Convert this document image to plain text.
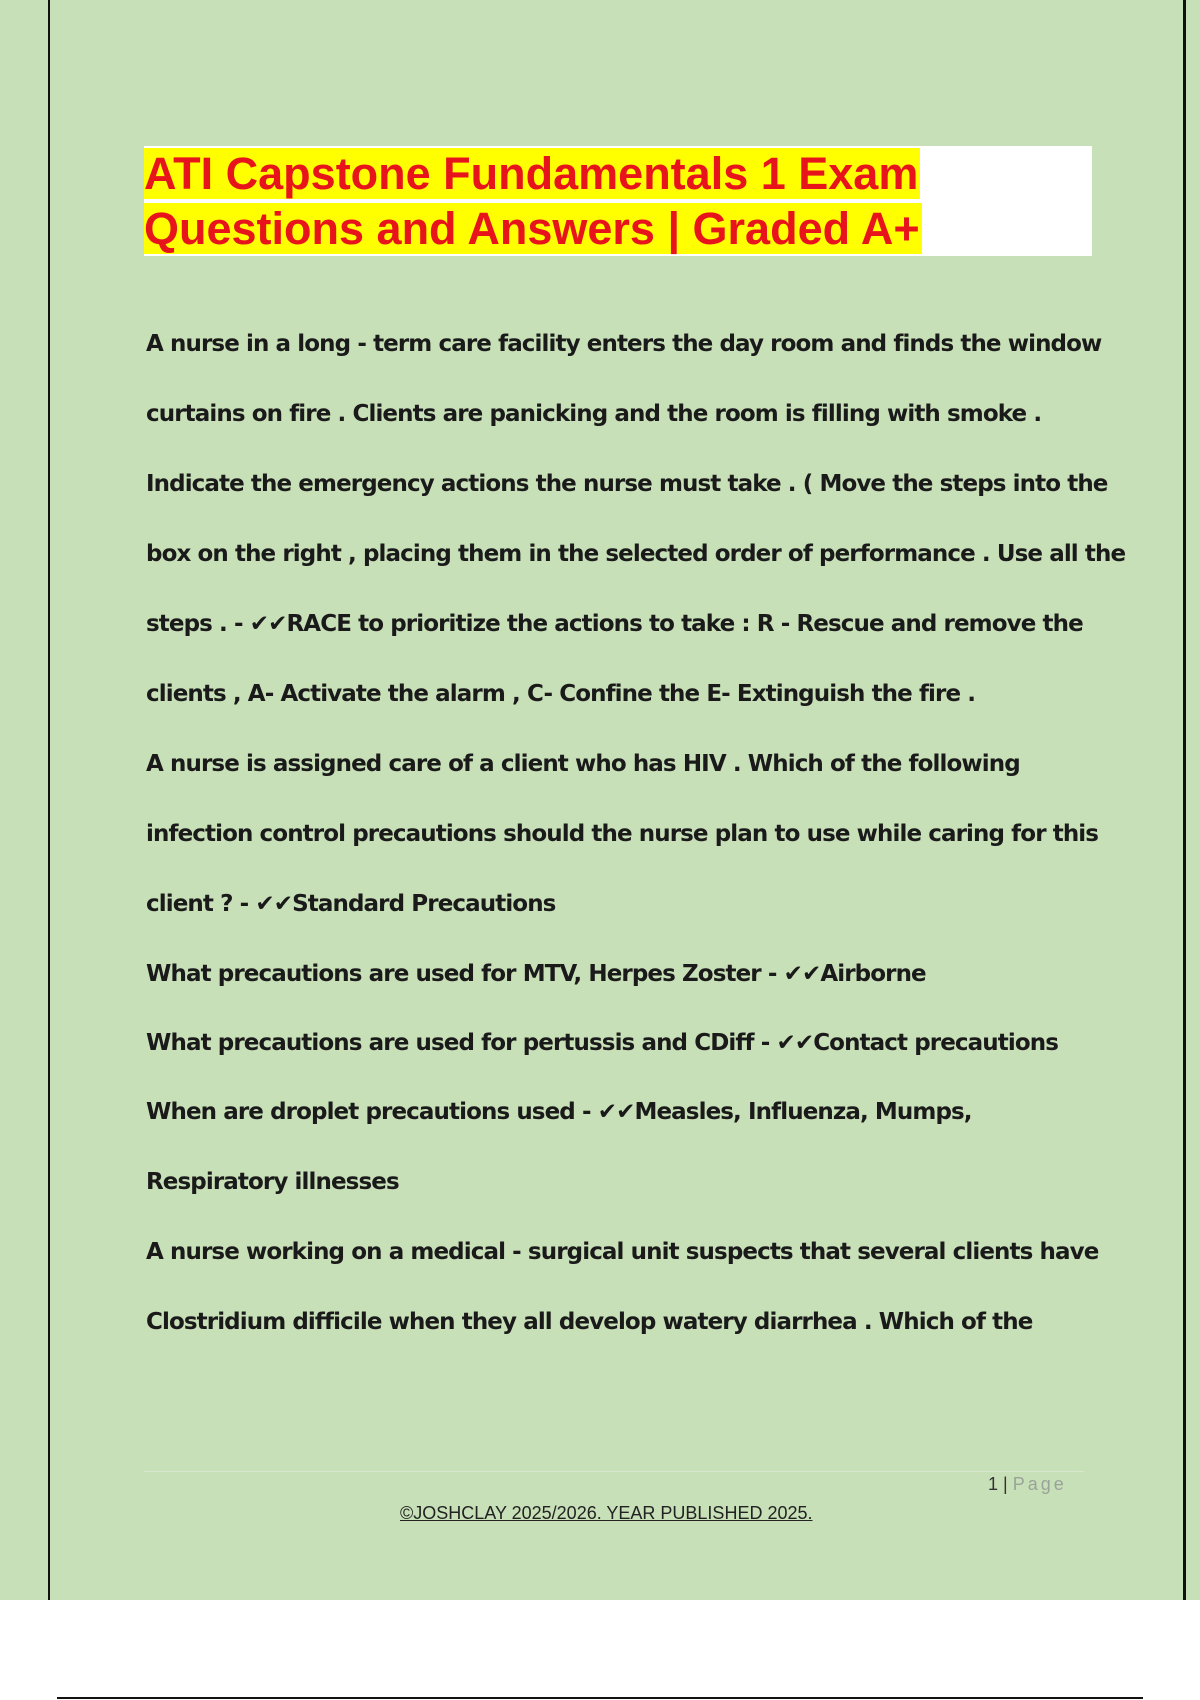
ATI Capstone Fundamentals 1 Exam
Questions and Answers | Graded A+
A nurse in a long - term care facility enters the day room and finds the window
curtains on fire . Clients are panicking and the room is filling with smoke .
Indicate the emergency actions the nurse must take . ( Move the steps into the
box on the right , placing them in the selected order of performance . Use all the
steps . - ✔✔RACE to prioritize the actions to take : R - Rescue and remove the
clients , A- Activate the alarm , C- Confine the E- Extinguish the fire .
A nurse is assigned care of a client who has HIV . Which of the following
infection control precautions should the nurse plan to use while caring for this
client ? - ✔✔Standard Precautions
What precautions are used for MTV, Herpes Zoster - ✔✔Airborne
What precautions are used for pertussis and CDiff - ✔✔Contact precautions
When are droplet precautions used - ✔✔Measles, Influenza, Mumps,
Respiratory illnesses
A nurse working on a medical - surgical unit suspects that several clients have
Clostridium difficile when they all develop watery diarrhea . Which of the
1 | Page
©JOSHCLAY 2025/2026. YEAR PUBLISHED 2025.
